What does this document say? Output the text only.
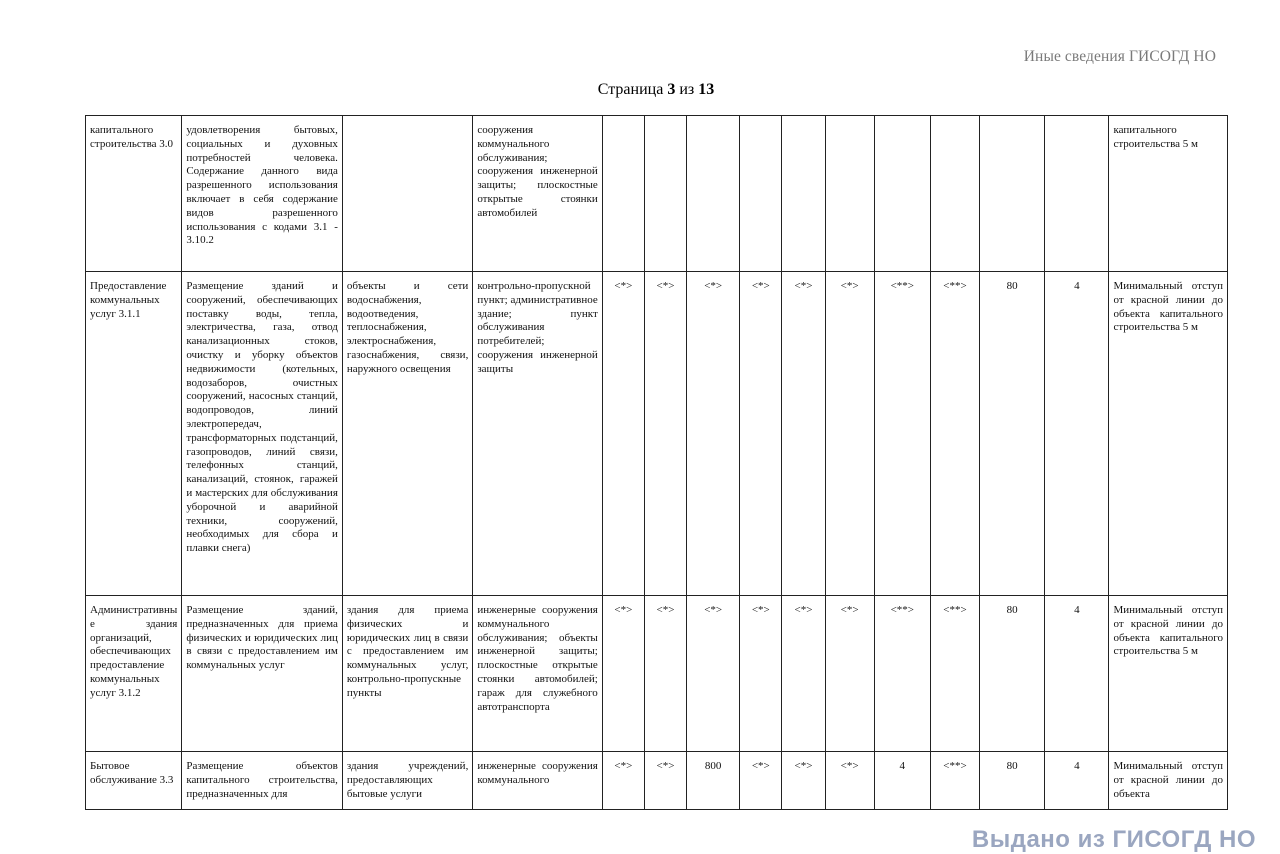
Иные сведения ГИСОГД НО
Страница 3 из 13
капитального строительства 3.0	удовлетворения бытовых, социальных и духовных потребностей человека. Содержание данного вида разрешенного использования включает в себя содержание видов разрешенного использования с кодами 3.1 - 3.10.2		сооружения коммунального обслуживания; сооружения инженерной защиты; плоскостные открытые стоянки автомобилей											капитального строительства 5 м
Предоставление коммунальных услуг 3.1.1	Размещение зданий и сооружений, обеспечивающих поставку воды, тепла, электричества, газа, отвод канализационных стоков, очистку и уборку объектов недвижимости (котельных, водозаборов, очистных сооружений, насосных станций, водопроводов, линий электропередач, трансформаторных подстанций, газопроводов, линий связи, телефонных станций, канализаций, стоянок, гаражей и мастерских для обслуживания уборочной и аварийной техники, сооружений, необходимых для сбора и плавки снега)	объекты и сети водоснабжения, водоотведения, теплоснабжения, электроснабжения, газоснабжения, связи, наружного освещения	контрольно-пропускной пункт; административное здание; пункт обслуживания потребителей; сооружения инженерной защиты	<*>	<*>	<*>	<*>	<*>	<*>	<**>	<**>	80	4	Минимальный отступ от красной линии до объекта капитального строительства 5 м
Административные здания организаций, обеспечивающих предоставление коммунальных услуг 3.1.2	Размещение зданий, предназначенных для приема физических и юридических лиц в связи с предоставлением им коммунальных услуг	здания для приема физических и юридических лиц в связи с предоставлением им коммунальных услуг, контрольно-пропускные пункты	инженерные сооружения коммунального обслуживания; объекты инженерной защиты; плоскостные открытые стоянки автомобилей; гараж для служебного автотранспорта	<*>	<*>	<*>	<*>	<*>	<*>	<**>	<**>	80	4	Минимальный отступ от красной линии до объекта капитального строительства 5 м
Бытовое обслуживание 3.3	Размещение объектов капитального строительства, предназначенных для	здания учреждений, предоставляющих бытовые услуги	инженерные сооружения коммунального	<*>	<*>	800	<*>	<*>	<*>	4	<**>	80	4	Минимальный отступ от красной линии до объекта
Выдано из ГИСОГД НО
